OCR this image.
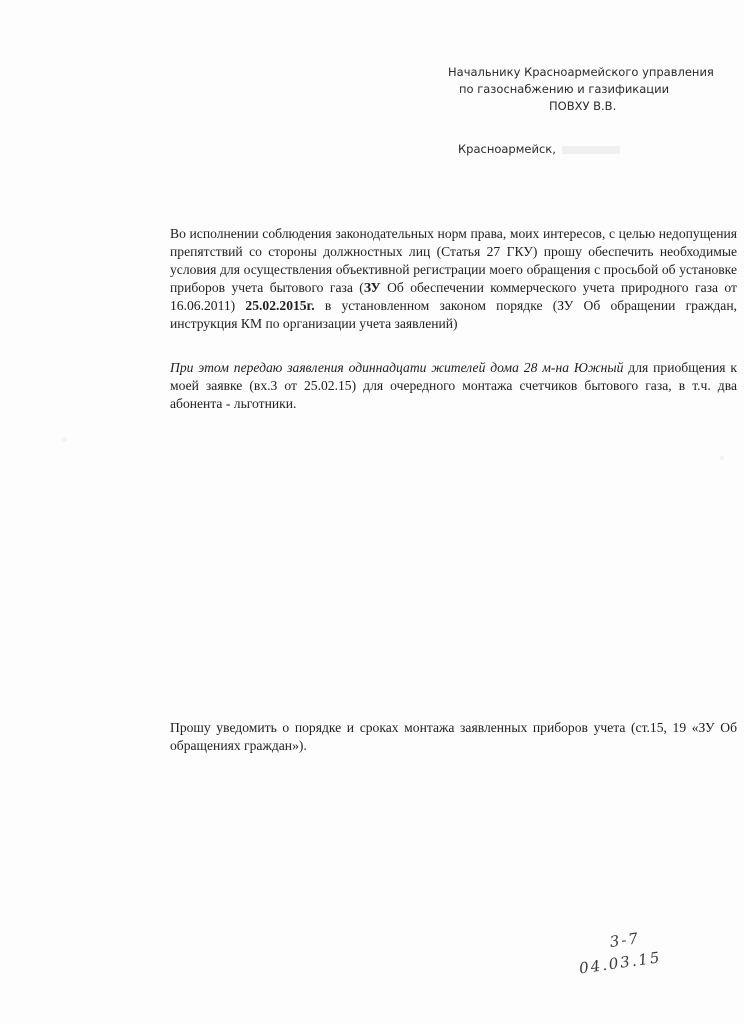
Начальнику Красноармейского управления
по газоснабжению и газификации
ПОВХУ В.В.
Красноармейск,
Во исполнении соблюдения законодательных норм права, моих интересов, с целью недопущения препятствий со стороны должностных лиц (Статья 27 ГКУ) прошу обеспечить необходимые условия для осуществления объективной регистрации моего обращения с просьбой об установке приборов учета бытового газа (ЗУ Об обеспечении коммерческого учета природного газа от 16.06.2011) 25.02.2015г. в установленном законом порядке (ЗУ Об обращении граждан, инструкция КМ по организации учета заявлений)
При этом передаю заявления одиннадцати жителей дома 28 м-на Южный для приобщения к моей заявке (вх.3 от 25.02.15) для очередного монтажа счетчиков бытового газа, в т.ч. два абонента - льготники.
Прошу уведомить о порядке и сроках монтажа заявленных приборов учета (ст.15, 19 «ЗУ Об обращениях граждан»).
3-7
04.03.15
